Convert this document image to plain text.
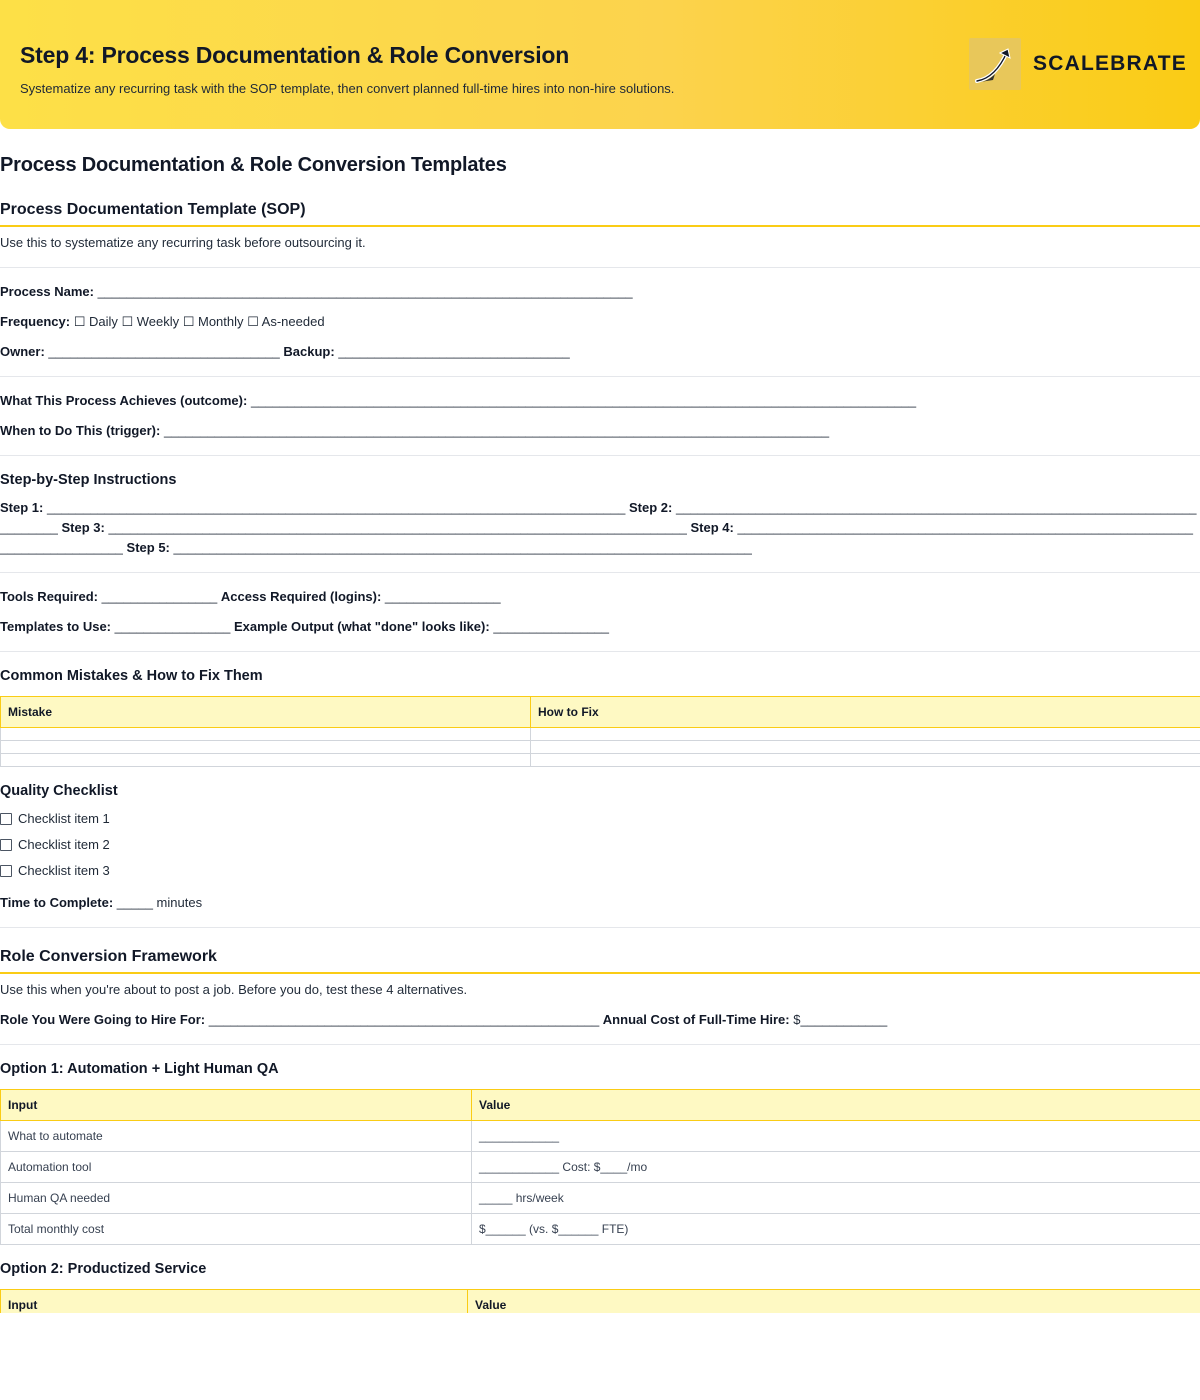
Step 4: Process Documentation & Role Conversion

Systematize any recurring task with the SOP template, then convert planned full-time hires into non-hire solutions.

SCALEBRATE
Process Documentation & Role Conversion Templates
Process Documentation Template (SOP)
Use this to systematize any recurring task before outsourcing it.
Process Name: __________________________________________________________________________
Frequency: ☐ Daily ☐ Weekly ☐ Monthly ☐ As-needed
Owner: ________________________________ Backup: ________________________________
What This Process Achieves (outcome): ____________________________________________________________________________________________
When to Do This (trigger): ____________________________________________________________________________________________
Step-by-Step Instructions
Step 1: ________________________________________________________________________________ Step 2: ________________________________________________________________________________ Step 3: ________________________________________________________________________________ Step 4: ________________________________________________________________________________ Step 5: ________________________________________________________________________________
Tools Required: ________________ Access Required (logins): ________________
Templates to Use: ________________ Example Output (what "done" looks like): ________________
Common Mistakes & How to Fix Them
Mistake	How to Fix

Quality Checklist
Checklist item 1
Checklist item 2
Checklist item 3
Time to Complete: _____ minutes
Role Conversion Framework
Use this when you're about to post a job. Before you do, test these 4 alternatives.
Role You Were Going to Hire For: ______________________________________________________ Annual Cost of Full-Time Hire: $____________
Option 1: Automation + Light Human QA
Input	Value
What to automate	____________
Automation tool	____________ Cost: $____/mo
Human QA needed	_____ hrs/week
Total monthly cost	$______ (vs. $______ FTE)
Option 2: Productized Service
Input	Value
